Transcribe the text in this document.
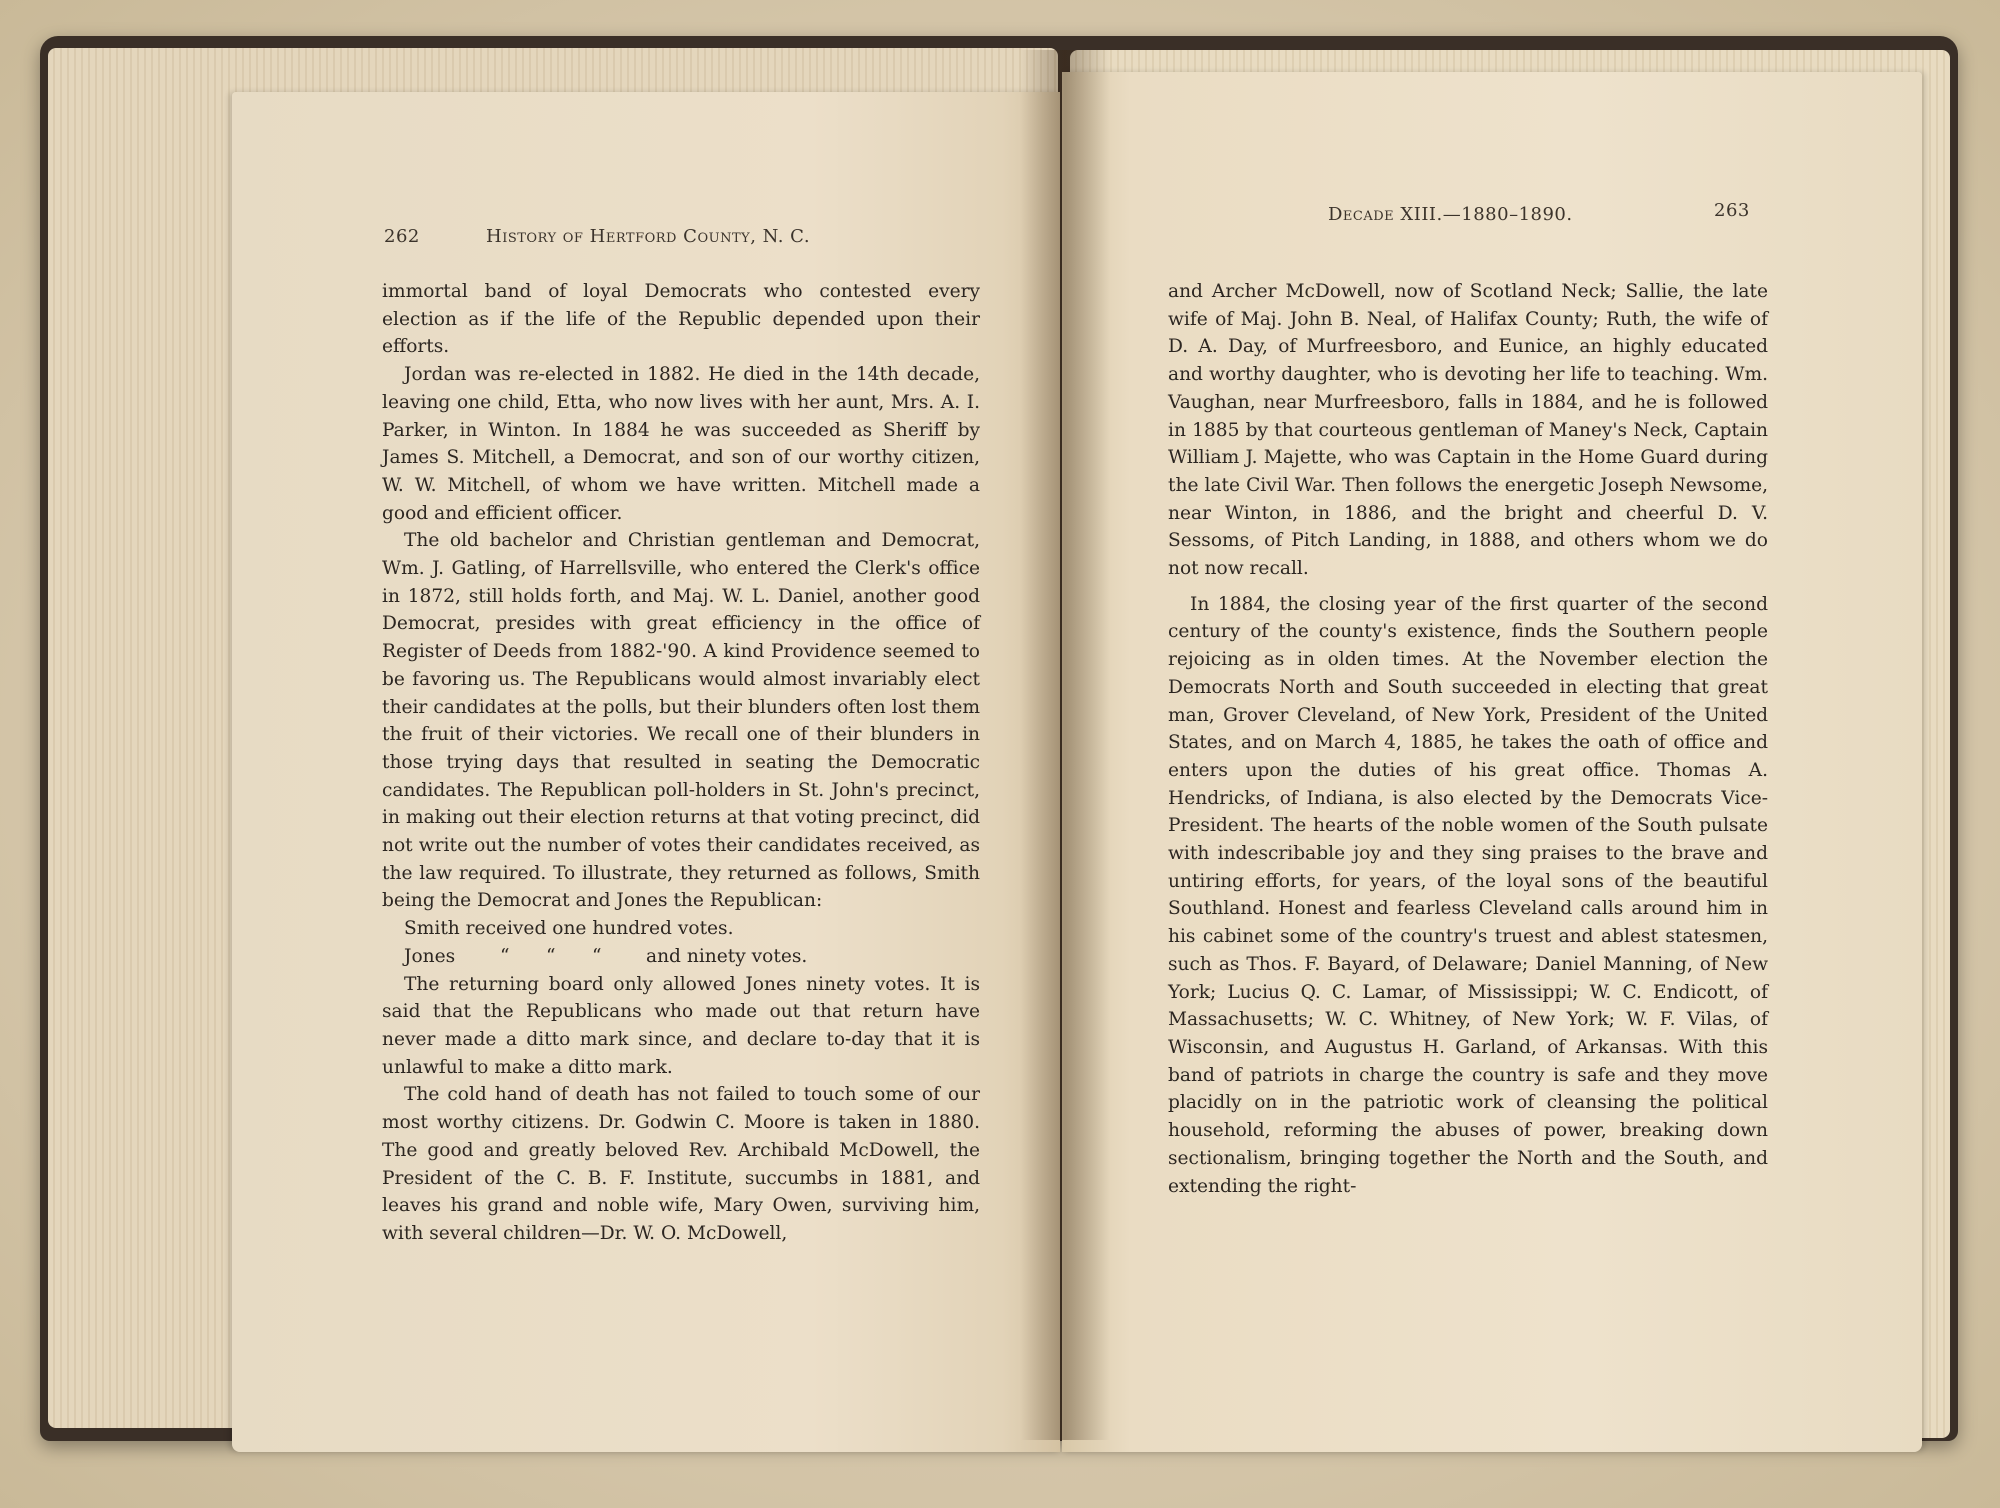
262	History of Hertford County, N. C.

immortal band of loyal Democrats who contested every election as if the life of the Republic depended upon their efforts.

Jordan was re-elected in 1882. He died in the 14th decade, leaving one child, Etta, who now lives with her aunt, Mrs. A. I. Parker, in Winton. In 1884 he was succeeded as Sheriff by James S. Mitchell, a Democrat, and son of our worthy citizen, W. W. Mitchell, of whom we have written. Mitchell made a good and efficient officer.

The old bachelor and Christian gentleman and Democrat, Wm. J. Gatling, of Harrellsville, who entered the Clerk's office in 1872, still holds forth, and Maj. W. L. Daniel, another good Democrat, presides with great efficiency in the office of Register of Deeds from 1882-'90. A kind Providence seemed to be favoring us. The Republicans would almost invariably elect their candidates at the polls, but their blunders often lost them the fruit of their victories. We recall one of their blunders in those trying days that resulted in seating the Democratic candidates. The Republican poll-holders in St. John's precinct, in making out their election returns at that voting precinct, did not write out the number of votes their candidates received, as the law required. To illustrate, they returned as follows, Smith being the Democrat and Jones the Republican:

Smith received one hundred votes.

Jones	“	“	“	and ninety votes.

The returning board only allowed Jones ninety votes. It is said that the Republicans who made out that return have never made a ditto mark since, and declare to-day that it is unlawful to make a ditto mark.

The cold hand of death has not failed to touch some of our most worthy citizens. Dr. Godwin C. Moore is taken in 1880. The good and greatly beloved Rev. Archibald McDowell, the President of the C. B. F. Institute, succumbs in 1881, and leaves his grand and noble wife, Mary Owen, surviving him, with several children—Dr. W. O. McDowell,

Decade XIII.—1880–1890.	263

and Archer McDowell, now of Scotland Neck; Sallie, the late wife of Maj. John B. Neal, of Halifax County; Ruth, the wife of D. A. Day, of Murfreesboro, and Eunice, an highly educated and worthy daughter, who is devoting her life to teaching. Wm. Vaughan, near Murfreesboro, falls in 1884, and he is followed in 1885 by that courteous gentleman of Maney's Neck, Captain William J. Majette, who was Captain in the Home Guard during the late Civil War. Then follows the energetic Joseph Newsome, near Winton, in 1886, and the bright and cheerful D. V. Sessoms, of Pitch Landing, in 1888, and others whom we do not now recall.

In 1884, the closing year of the first quarter of the second century of the county's existence, finds the Southern people rejoicing as in olden times. At the November election the Democrats North and South succeeded in electing that great man, Grover Cleveland, of New York, President of the United States, and on March 4, 1885, he takes the oath of office and enters upon the duties of his great office. Thomas A. Hendricks, of Indiana, is also elected by the Democrats Vice-President. The hearts of the noble women of the South pulsate with indescribable joy and they sing praises to the brave and untiring efforts, for years, of the loyal sons of the beautiful Southland. Honest and fearless Cleveland calls around him in his cabinet some of the country's truest and ablest statesmen, such as Thos. F. Bayard, of Delaware; Daniel Manning, of New York; Lucius Q. C. Lamar, of Mississippi; W. C. Endicott, of Massachusetts; W. C. Whitney, of New York; W. F. Vilas, of Wisconsin, and Augustus H. Garland, of Arkansas. With this band of patriots in charge the country is safe and they move placidly on in the patriotic work of cleansing the political household, reforming the abuses of power, breaking down sectionalism, bringing together the North and the South, and extending the right-
